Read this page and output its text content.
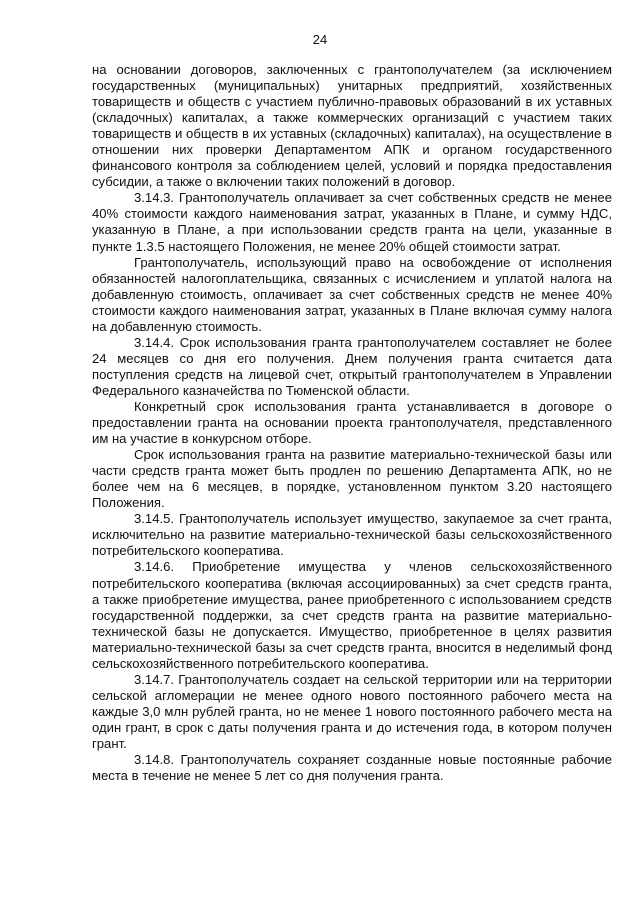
24

на основании договоров, заключенных с грантополучателем (за исключением государственных (муниципальных) унитарных предприятий, хозяйственных товариществ и обществ с участием публично-правовых образований в их уставных (складочных) капиталах, а также коммерческих организаций с участием таких товариществ и обществ в их уставных (складочных) капиталах), на осуществление в отношении них проверки Департаментом АПК и органом государственного финансового контроля за соблюдением целей, условий и порядка предоставления субсидии, а также о включении таких положений в договор.

3.14.3. Грантополучатель оплачивает за счет собственных средств не менее 40% стоимости каждого наименования затрат, указанных в Плане, и сумму НДС, указанную в Плане, а при использовании средств гранта на цели, указанные в пункте 1.3.5 настоящего Положения, не менее 20% общей стоимости затрат.

Грантополучатель, использующий право на освобождение от исполнения обязанностей налогоплательщика, связанных с исчислением и уплатой налога на добавленную стоимость, оплачивает за счет собственных средств не менее 40% стоимости каждого наименования затрат, указанных в Плане включая сумму налога на добавленную стоимость.

3.14.4. Срок использования гранта грантополучателем составляет не более 24 месяцев со дня его получения. Днем получения гранта считается дата поступления средств на лицевой счет, открытый грантополучателем в Управлении Федерального казначейства по Тюменской области.

Конкретный срок использования гранта устанавливается в договоре о предоставлении гранта на основании проекта грантополучателя, представленного им на участие в конкурсном отборе.

Срок использования гранта на развитие материально-технической базы или части средств гранта может быть продлен по решению Департамента АПК, но не более чем на 6 месяцев, в порядке, установленном пунктом 3.20 настоящего Положения.

3.14.5. Грантополучатель использует имущество, закупаемое за счет гранта, исключительно на развитие материально-технической базы сельскохозяйственного потребительского кооператива.

3.14.6. Приобретение имущества у членов сельскохозяйственного потребительского кооператива (включая ассоциированных) за счет средств гранта, а также приобретение имущества, ранее приобретенного с использованием средств государственной поддержки, за счет средств гранта на развитие материально-технической базы не допускается. Имущество, приобретенное в целях развития материально-технической базы за счет средств гранта, вносится в неделимый фонд сельскохозяйственного потребительского кооператива.

3.14.7. Грантополучатель создает на сельской территории или на территории сельской агломерации не менее одного нового постоянного рабочего места на каждые 3,0 млн рублей гранта, но не менее 1 нового постоянного рабочего места на один грант, в срок с даты получения гранта и до истечения года, в котором получен грант.

3.14.8. Грантополучатель сохраняет созданные новые постоянные рабочие места в течение не менее 5 лет со дня получения гранта.
